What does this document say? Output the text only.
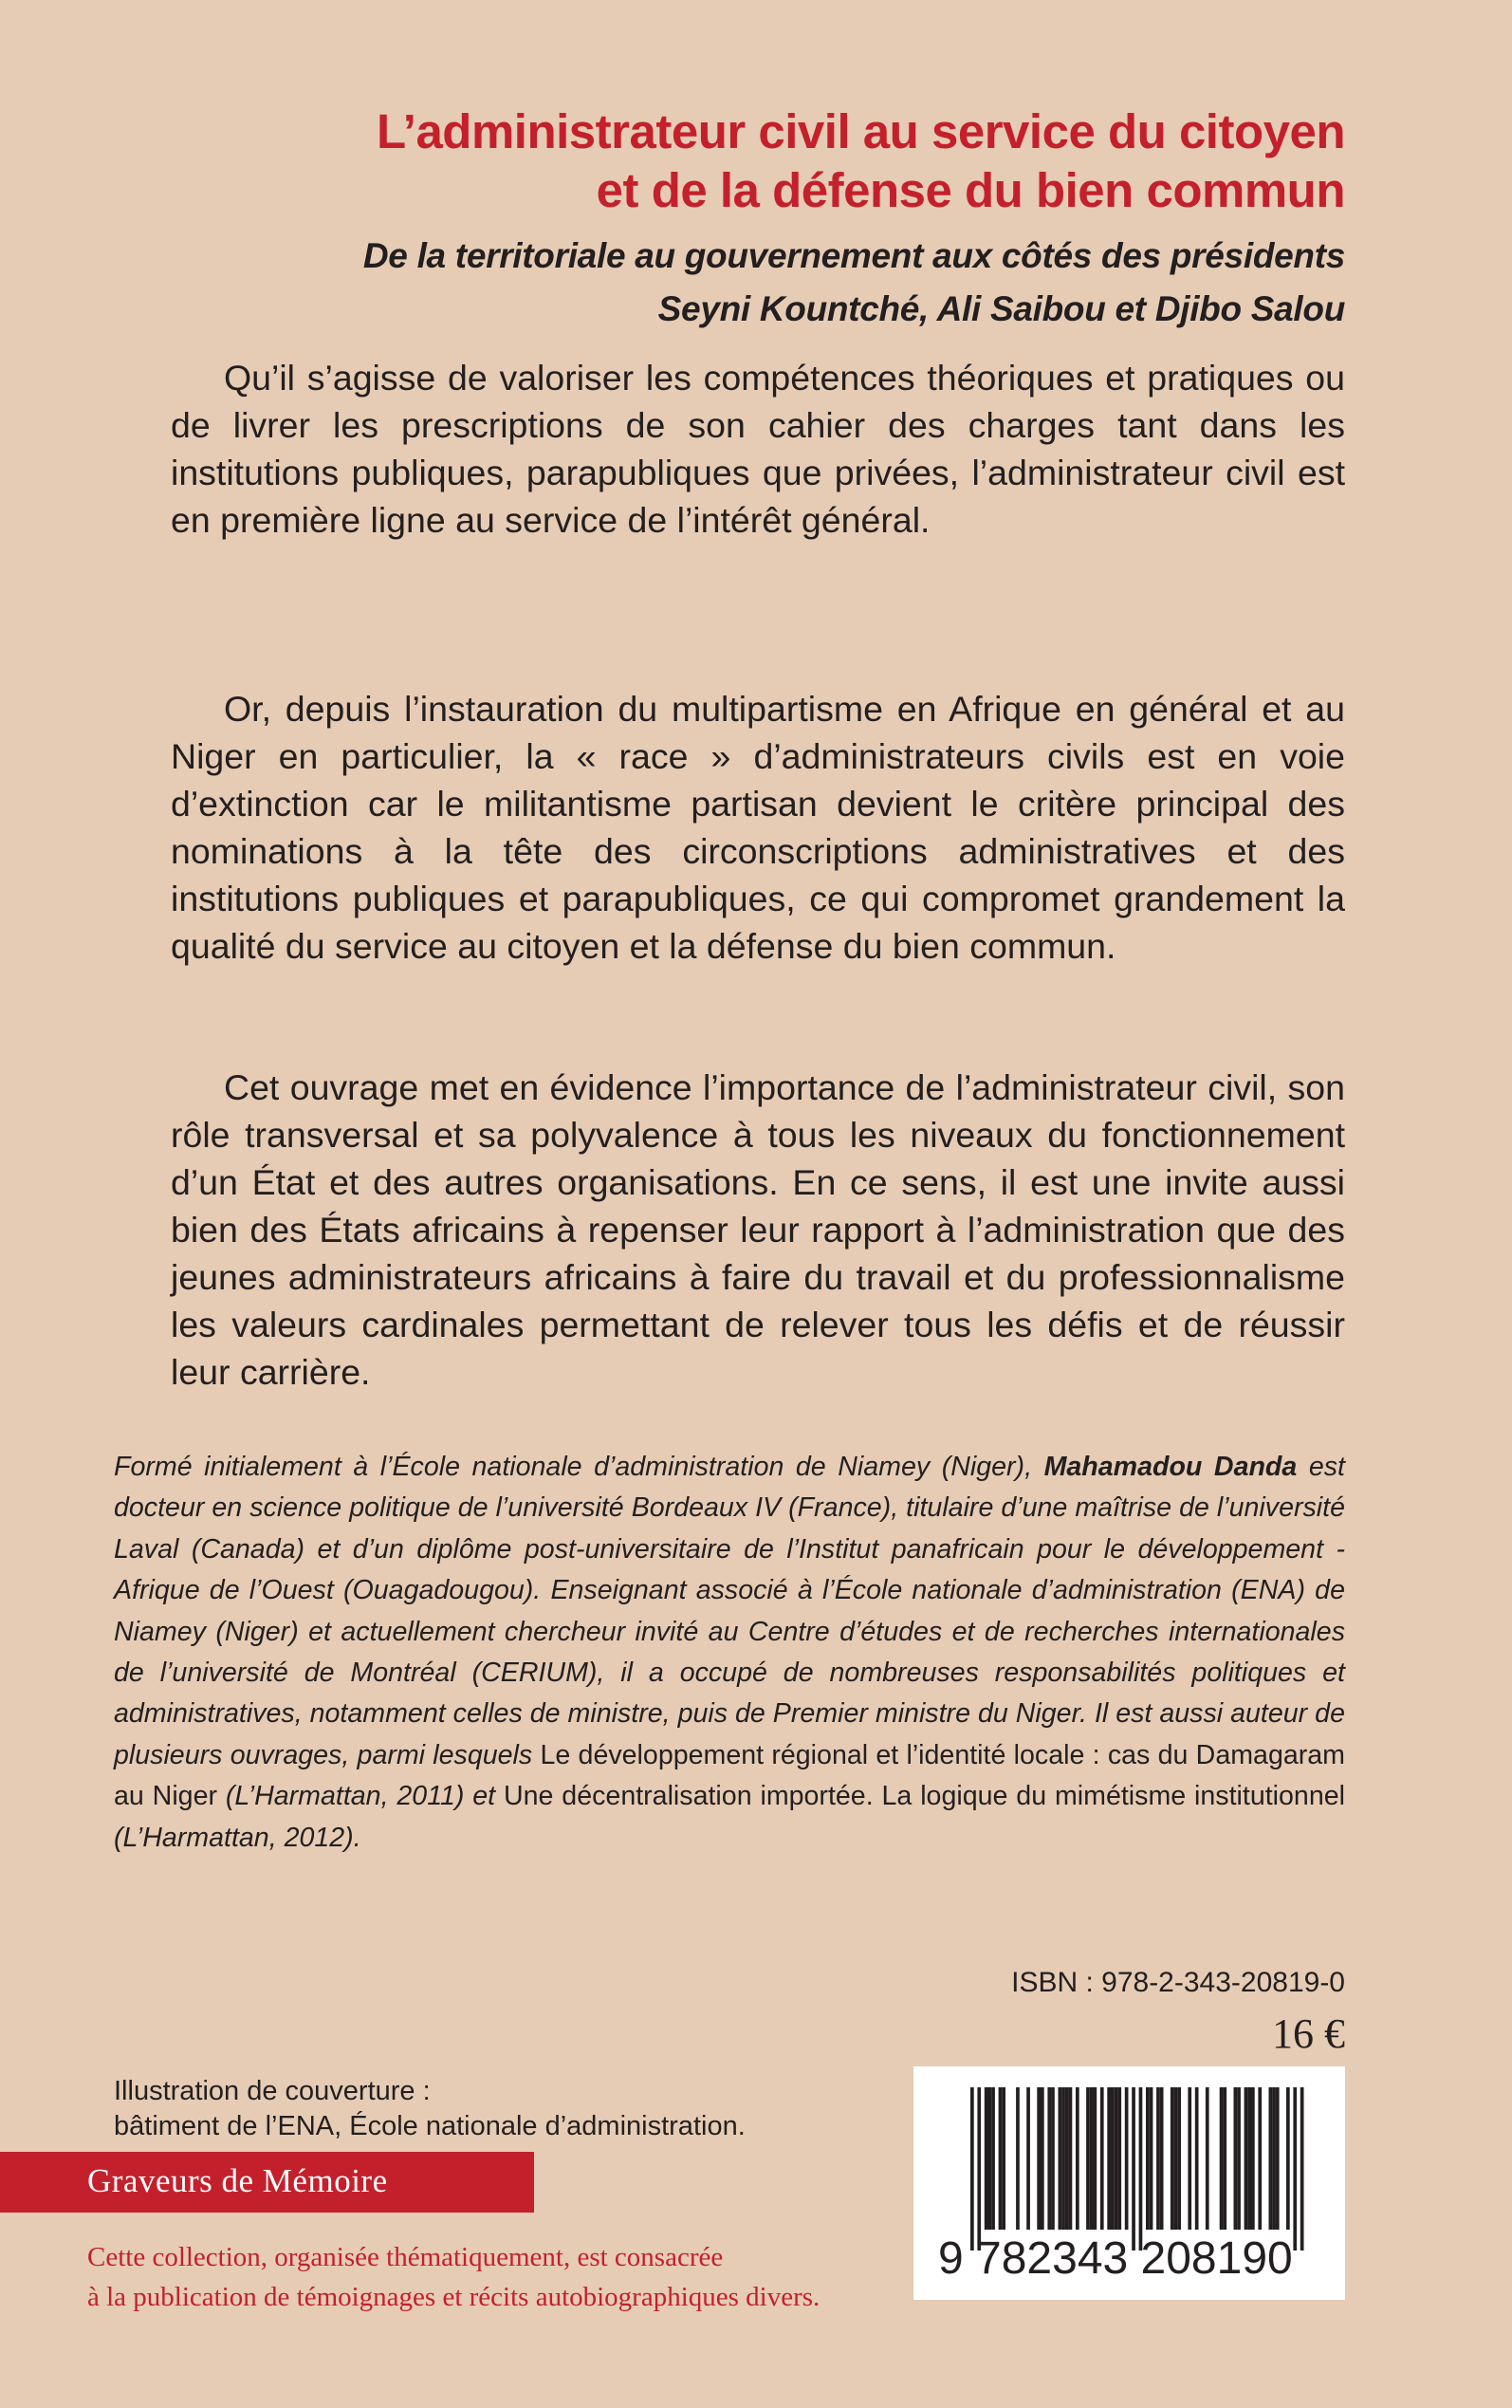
L’administrateur civil au service du citoyen
et de la défense du bien commun
De la territoriale au gouvernement aux côtés des présidents
Seyni Kountché, Ali Saibou et Djibo Salou

Qu’il s’agisse de valoriser les compétences théoriques et pratiques ou de livrer les prescriptions de son cahier des charges tant dans les institutions publiques, parapubliques que privées, l’administrateur civil est en première ligne au service de l’intérêt général.

Or, depuis l’instauration du multipartisme en Afrique en général et au Niger en particulier, la « race » d’administrateurs civils est en voie d’extinction car le militantisme partisan devient le critère principal des nominations à la tête des circonscriptions administratives et des institutions publiques et parapubliques, ce qui compromet grandement la qualité du service au citoyen et la défense du bien commun.

Cet ouvrage met en évidence l’importance de l’administrateur civil, son rôle transversal et sa polyvalence à tous les niveaux du fonctionnement d’un État et des autres organisations. En ce sens, il est une invite aussi bien des États africains à repenser leur rapport à l’administration que des jeunes administrateurs africains à faire du travail et du professionnalisme les valeurs cardinales permettant de relever tous les défis et de réussir leur carrière.

Formé initialement à l’École nationale d’administration de Niamey (Niger), Mahamadou Danda est docteur en science politique de l’université Bordeaux IV (France), titulaire d’une maîtrise de l’université Laval (Canada) et d’un diplôme post-universitaire de l’Institut panafricain pour le développement - Afrique de l’Ouest (Ouagadougou). Enseignant associé à l’École nationale d’administration (ENA) de Niamey (Niger) et actuellement chercheur invité au Centre d’études et de recherches internationales de l’université de Montréal (CERIUM), il a occupé de nombreuses responsabilités politiques et administratives, notamment celles de ministre, puis de Premier ministre du Niger. Il est aussi auteur de plusieurs ouvrages, parmi lesquels Le développement régional et l’identité locale : cas du Damagaram au Niger (L’Harmattan, 2011) et Une décentralisation importée. La logique du mimétisme institutionnel (L’Harmattan, 2012).
ISBN : 978-2-343-20819-0
16 €
Illustration de couverture :
bâtiment de l’ENA, École nationale d’administration.
Graveurs de Mémoire
Cette collection, organisée thématiquement, est consacrée
à la publication de témoignages et récits autobiographiques divers.
9 782343 208190
